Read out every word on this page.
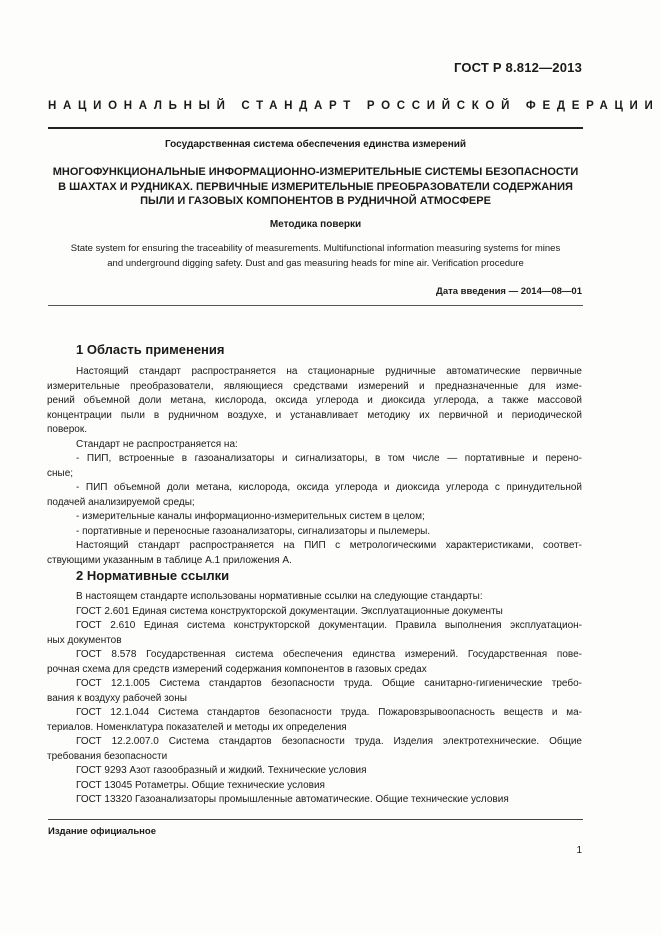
ГОСТ Р 8.812—2013
НАЦИОНАЛЬНЫЙ СТАНДАРТ РОССИЙСКОЙ ФЕДЕРАЦИИ
Государственная система обеспечения единства измерений
МНОГОФУНКЦИОНАЛЬНЫЕ ИНФОРМАЦИОННО-ИЗМЕРИТЕЛЬНЫЕ СИСТЕМЫ БЕЗОПАСНОСТИ
В ШАХТАХ И РУДНИКАХ. ПЕРВИЧНЫЕ ИЗМЕРИТЕЛЬНЫЕ ПРЕОБРАЗОВАТЕЛИ СОДЕРЖАНИЯ
ПЫЛИ И ГАЗОВЫХ КОМПОНЕНТОВ В РУДНИЧНОЙ АТМОСФЕРЕ
Методика поверки
State system for ensuring the traceability of measurements. Multifunctional information measuring systems for mines
and underground digging safety. Dust and gas measuring heads for mine air. Verification procedure
Дата введения — 2014—08—01
1 Область применения
Настоящий стандарт распространяется на стационарные рудничные автоматические первичные
измерительные преобразователи, являющиеся средствами измерений и предназначенные для изме-
рений объемной доли метана, кислорода, оксида углерода и диоксида углерода, а также массовой
концентрации пыли в рудничном воздухе, и устанавливает методику их первичной и периодической
поверок.
Стандарт не распространяется на:
- ПИП, встроенные в газоанализаторы и сигнализаторы, в том числе — портативные и перено-
сные;
- ПИП объемной доли метана, кислорода, оксида углерода и диоксида углерода с принудительной
подачей анализируемой среды;
- измерительные каналы информационно-измерительных систем в целом;
- портативные и переносные газоанализаторы, сигнализаторы и пылемеры.
Настоящий стандарт распространяется на ПИП с метрологическими характеристиками, соответ-
ствующими указанным в таблице А.1 приложения А.
2 Нормативные ссылки
В настоящем стандарте использованы нормативные ссылки на следующие стандарты:
ГОСТ 2.601 Единая система конструкторской документации. Эксплуатационные документы
ГОСТ 2.610 Единая система конструкторской документации. Правила выполнения эксплуатацион-
ных документов
ГОСТ 8.578 Государственная система обеспечения единства измерений. Государственная пове-
рочная схема для средств измерений содержания компонентов в газовых средах
ГОСТ 12.1.005 Система стандартов безопасности труда. Общие санитарно-гигиенические требо-
вания к воздуху рабочей зоны
ГОСТ 12.1.044 Система стандартов безопасности труда. Пожаровзрывоопасность веществ и ма-
териалов. Номенклатура показателей и методы их определения
ГОСТ 12.2.007.0 Система стандартов безопасности труда. Изделия электротехнические. Общие
требования безопасности
ГОСТ 9293 Азот газообразный и жидкий. Технические условия
ГОСТ 13045 Ротаметры. Общие технические условия
ГОСТ 13320 Газоанализаторы промышленные автоматические. Общие технические условия
Издание официальное
1
